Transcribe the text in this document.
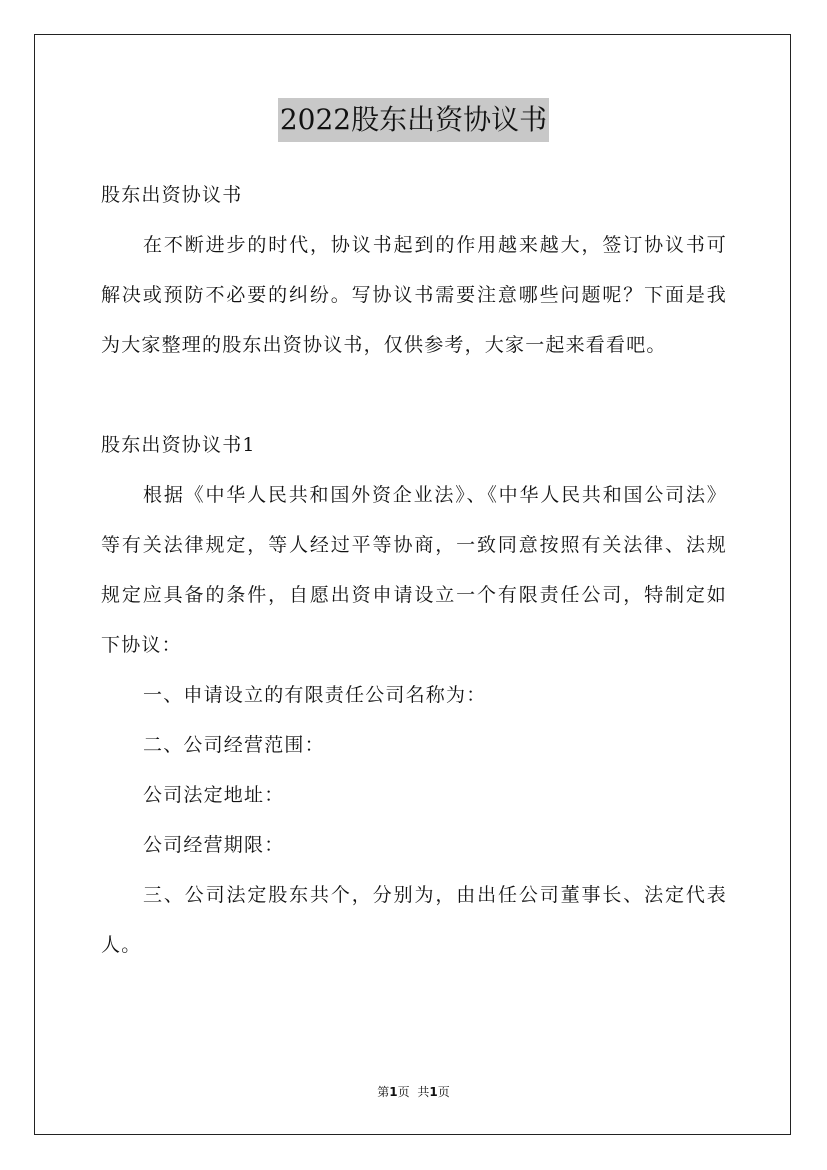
2022股东出资协议书

股东出资协议书

在不断进步的时代，协议书起到的作用越来越大，签订协议书可解决或预防不必要的纠纷。写协议书需要注意哪些问题呢？下面是我为大家整理的股东出资协议书，仅供参考，大家一起来看看吧。

股东出资协议书1

根据《中华人民共和国外资企业法》、《中华人民共和国公司法》等有关法律规定，等人经过平等协商，一致同意按照有关法律、法规规定应具备的条件，自愿出资申请设立一个有限责任公司，特制定如下协议：

一、申请设立的有限责任公司名称为：

二、公司经营范围：

公司法定地址：

公司经营期限：

三、公司法定股东共个，分别为，由出任公司董事长、法定代表人。

第1页 共1页
